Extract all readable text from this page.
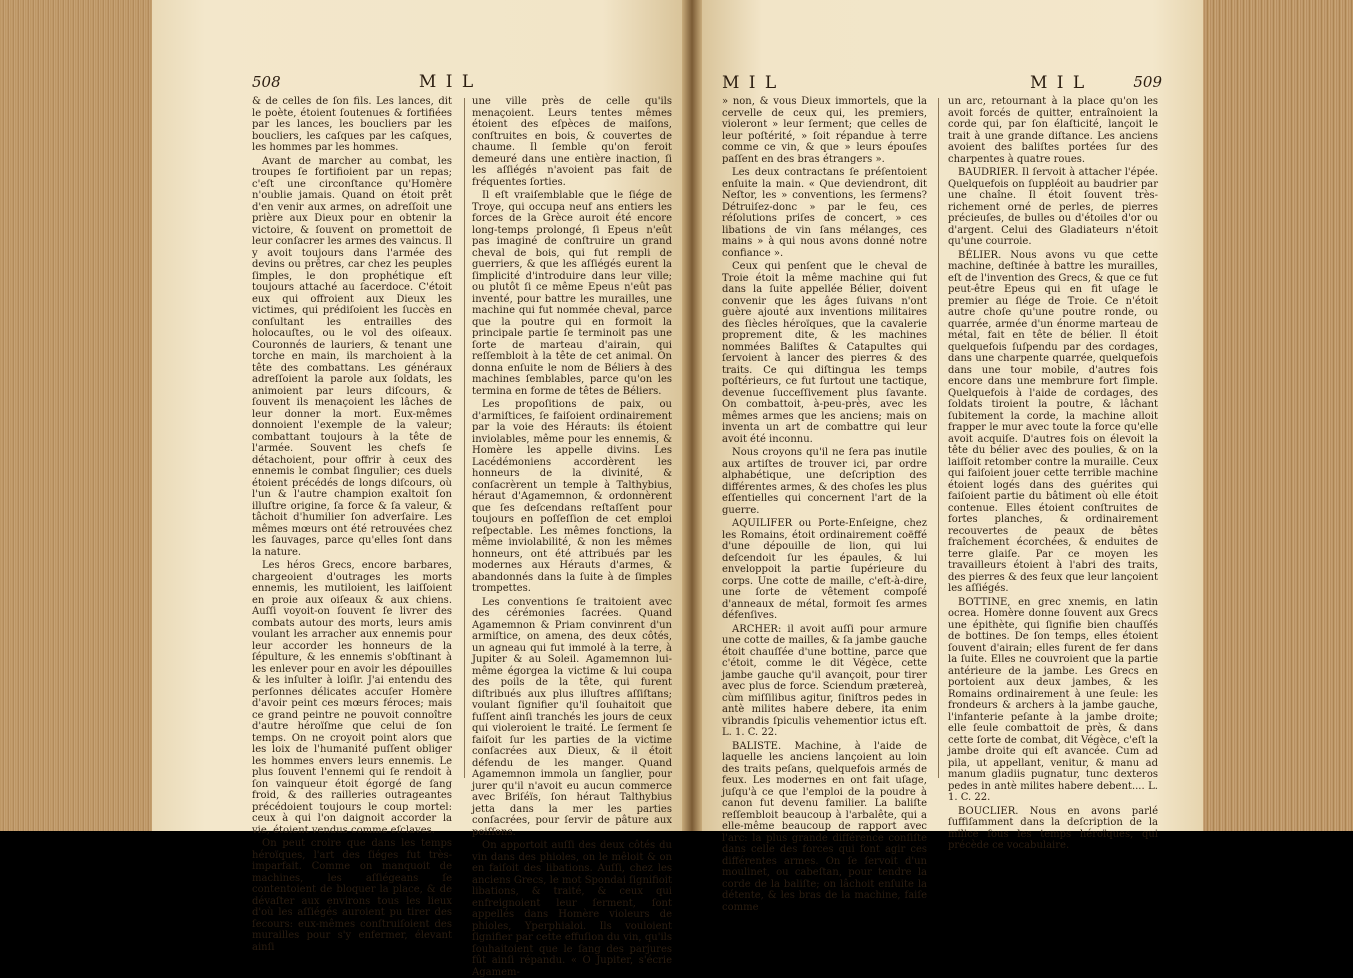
508	M I L

& de celles de ſon fils. Les lances, dit le poète, étoient ſoutenues & fortifiées par les lances, les boucliers par les boucliers, les caſques par les caſques, les hommes par les hommes.

Avant de marcher au combat, les troupes ſe fortifioient par un repas; c'eſt une circonſtance qu'Homère n'oublie jamais. Quand on étoit prêt d'en venir aux armes, on adreſſoit une prière aux Dieux pour en obtenir la victoire, & ſouvent on promettoit de leur conſacrer les armes des vaincus. Il y avoit toujours dans l'armée des devins ou prêtres, car chez les peuples ſimples, le don prophétique eſt toujours attaché au ſacerdoce. C'étoit eux qui offroient aux Dieux les victimes, qui prédiſoient les ſuccès en conſultant les entrailles des holocauſtes, ou le vol des oiſeaux. Couronnés de lauriers, & tenant une torche en main, ils marchoient à la tête des combattans. Les généraux adreſſoient la parole aux ſoldats, les animoient par leurs diſcours, & ſouvent ils menaçoient les lâches de leur donner la mort. Eux-mêmes donnoient l'exemple de la valeur; combattant toujours à la tête de l'armée. Souvent les chefs ſe détachoient, pour offrir à ceux des ennemis le combat ſingulier; ces duels étoient précédés de longs diſcours, où l'un & l'autre champion exaltoit ſon illuſtre origine, ſa force & ſa valeur, & tâchoit d'humilier ſon adverſaire. Les mêmes mœurs ont été retrouvées chez les ſauvages, parce qu'elles ſont dans la nature.

Les héros Grecs, encore barbares, chargeoient d'outrages les morts ennemis, les mutiloient, les laiſſoient en proie aux oiſeaux & aux chiens. Auſſi voyoit-on ſouvent ſe livrer des combats autour des morts, leurs amis voulant les arracher aux ennemis pour leur accorder les honneurs de la ſépulture, & les ennemis s'obſtinant à les enlever pour en avoir les dépouilles & les inſulter à loiſir. J'ai entendu des perſonnes délicates accuſer Homère d'avoir peint ces mœurs féroces; mais ce grand peintre ne pouvoit connoître d'autre héroïſme que celui de ſon temps. On ne croyoit point alors que les loix de l'humanité puſſent obliger les hommes envers leurs ennemis. Le plus ſouvent l'ennemi qui ſe rendoit à ſon vainqueur étoit égorgé de ſang froid, & des railleries outrageantes précédoient toujours le coup mortel: ceux à qui l'on daignoit accorder la vie, étoient vendus comme eſclaves.

On peut croire que dans les temps héroïques, l'art des ſiéges fut très-imparfait. Comme on manquoit de machines, les aſſiégeans ſe contentoient de bloquer la place, & de dévaſter aux environs tous les lieux d'où les aſſiégés auroient pu tirer des ſecours: eux-mêmes conſtruiſoient des murailles pour s'y enfermer, élevant ainſi

une ville près de celle qu'ils menaçoient. Leurs tentes mêmes étoient des eſpèces de maiſons, conſtruites en bois, & couvertes de chaume. Il ſemble qu'on feroit demeuré dans une entière inaction, ſi les aſſiégés n'avoient pas fait de fréquentes ſorties.

Il eſt vraiſemblable que le ſiége de Troye, qui occupa neuf ans entiers les forces de la Grèce auroit été encore long-temps prolongé, ſi Epeus n'eût pas imaginé de conſtruire un grand cheval de bois, qui fut rempli de guerriers, & que les aſſiégés eurent la ſimplicité d'introduire dans leur ville; ou plutôt ſi ce même Epeus n'eût pas inventé, pour battre les murailles, une machine qui fut nommée cheval, parce que la poutre qui en formoit la principale partie ſe terminoit pas une ſorte de marteau d'airain, qui reſſembloit à la tête de cet animal. On donna enſuite le nom de Béliers à des machines ſemblables, parce qu'on les termina en forme de têtes de Béliers.

Les propoſitions de paix, ou d'armiſtices, ſe faiſoient ordinairement par la voie des Hérauts: ils étoient inviolables, même pour les ennemis, & Homère les appelle divins. Les Lacédémoniens accordèrent les honneurs de la divinité, & conſacrèrent un temple à Talthybius, héraut d'Agamemnon, & ordonnèrent que ſes deſcendans reſtaſſent pour toujours en poſſeſſion de cet emploi reſpectable. Les mêmes fonctions, la même inviolabilité, & non les mêmes honneurs, ont été attribués par les modernes aux Hérauts d'armes, & abandonnés dans la ſuite à de ſimples trompettes.

Les conventions ſe traitoient avec des cérémonies ſacrées. Quand Agamemnon & Priam convinrent d'un armiſtice, on amena, des deux côtés, un agneau qui fut immolé à la terre, à Jupiter & au Soleil. Agamemnon lui-même égorgea la victime & lui coupa des poils de la tête, qui furent diſtribués aux plus illuſtres aſſiſtans; voulant ſignifier qu'il ſouhaitoit que fuſſent ainſi tranchés les jours de ceux qui violeroient le traité. Le ſerment ſe faiſoit ſur les parties de la victime conſacrées aux Dieux, & il étoit défendu de les manger. Quand Agamemnon immola un ſanglier, pour jurer qu'il n'avoit eu aucun commerce avec Briſéïs, ſon héraut Talthybius jetta dans la mer les parties conſacrées, pour ſervir de pâture aux poiſſons.

On apportoit auſſi des deux côtés du vin dans des phioles, on le mêloit & on en faiſoit des libations. Auſſi, chez les anciens Grecs, le mot Spondai ſignifioit libations, & traité, & ceux qui enfreignoient leur ſerment, ſont appellés dans Homère violeurs de phioles, Yperphialoi. Ils vouloient ſignifier par cette effuſion du vin, qu'ils ſouhaitoient que le ſang des parjures fût ainſi répandu. « O Jupiter, s'écrie Agamem-

M I L	M I L	509

» non, & vous Dieux immortels, que la cervelle de ceux qui, les premiers, violeront » leur ſerment; que celles de leur poſtérité, » ſoit répandue à terre comme ce vin, & que » leurs épouſes paſſent en des bras étrangers ».

Les deux contractans ſe préſentoient enſuite la main. « Que deviendront, dit Neſtor, les » conventions, les ſermens? Détruiſez-donc » par le feu, ces réſolutions priſes de concert, » ces libations de vin ſans mélanges, ces mains » à qui nous avons donné notre confiance ».

Ceux qui penſent que le cheval de Troie étoit la même machine qui fut dans la ſuite appellée Bélier, doivent convenir que les âges ſuivans n'ont guère ajouté aux inventions militaires des ſiècles héroïques, que la cavalerie proprement dite, & les machines nommées Baliſtes & Catapultes qui ſervoient à lancer des pierres & des traits. Ce qui diſtingua les temps poſtérieurs, ce fut ſurtout une tactique, devenue ſucceſſivement plus ſavante. On combattoit, à-peu-près, avec les mêmes armes que les anciens; mais on inventa un art de combattre qui leur avoit été inconnu.

Nous croyons qu'il ne ſera pas inutile aux artiſtes de trouver ici, par ordre alphabétique, une deſcription des différentes armes, & des choſes les plus eſſentielles qui concernent l'art de la guerre.

AQUILIFER ou Porte-Enſeigne, chez les Romains, étoit ordinairement coëffé d'une dépouille de lion, qui lui deſcendoit ſur les épaules, & lui enveloppoit la partie ſupérieure du corps. Une cotte de maille, c'eſt-à-dire, une ſorte de vêtement compoſé d'anneaux de métal, formoit ſes armes défenſives.

ARCHER: il avoit auſſi pour armure une cotte de mailles, & ſa jambe gauche étoit chauſſée d'une bottine, parce que c'étoit, comme le dit Végèce, cette jambe gauche qu'il avançoit, pour tirer avec plus de force. Sciendum prætereà, cùm miſſilibus agitur, ſiniſtros pedes in antè milites habere debere, ita enim vibrandis ſpiculis vehementior ictus eſt. L. 1. C. 22.

BALISTE. Machine, à l'aide de laquelle les anciens lançoient au loin des traits peſans, quelquefois armés de feux. Les modernes en ont fait uſage, juſqu'à ce que l'emploi de la poudre à canon fut devenu familier. La baliſte reſſembloit beaucoup à l'arbalête, qui a elle-même beaucoup de rapport avec l'arc: la plus grande différence conſiſte dans celle des forces qui font agir ces différentes armes. On ſe ſervoit d'un moulinet, ou cabeſtan, pour tendre la corde de la baliſte; on lâchoit enſuite la détente, & les bras de la machine, faiſe comme

un arc, retournant à la place qu'on les avoit forcés de quitter, entraînoient la corde qui, par ſon élaſticité, lançoit le trait à une grande diſtance. Les anciens avoient des baliſtes portées ſur des charpentes à quatre roues.

BAUDRIER. Il ſervoit à attacher l'épée. Quelquefois on ſuppléoit au baudrier par une chaîne. Il étoit ſouvent très-richement orné de perles, de pierres précieuſes, de bulles ou d'étoiles d'or ou d'argent. Celui des Gladiateurs n'étoit qu'une courroie.

BÉLIER. Nous avons vu que cette machine, deſtinée à battre les murailles, eſt de l'invention des Grecs, & que ce fut peut-être Epeus qui en fit uſage le premier au ſiége de Troie. Ce n'étoit autre choſe qu'une poutre ronde, ou quarrée, armée d'un énorme marteau de métal, fait en tête de bélier. Il étoit quelquefois ſuſpendu par des cordages, dans une charpente quarrée, quelquefois dans une tour mobile, d'autres fois encore dans une membrure fort ſimple. Quelquefois à l'aide de cordages, des ſoldats tiroient la poutre, & lâchant ſubitement la corde, la machine alloit frapper le mur avec toute la force qu'elle avoit acquiſe. D'autres fois on élevoit la tête du bélier avec des poulies, & on la laiſſoit retomber contre la muraille. Ceux qui faiſoient jouer cette terrible machine étoient logés dans des guérites qui faiſoient partie du bâtiment où elle étoit contenue. Elles étoient conſtruites de fortes planches, & ordinairement recouvertes de peaux de bêtes fraîchement écorchées, & enduites de terre glaiſe. Par ce moyen les travailleurs étoient à l'abri des traits, des pierres & des feux que leur lançoient les aſſiégés.

BOTTINE, en grec xnemis, en latin ocrea. Homère donne ſouvent aux Grecs une épithète, qui ſignifie bien chauſſés de bottines. De ſon temps, elles étoient ſouvent d'airain; elles furent de fer dans la ſuite. Elles ne couvroient que la partie antérieure de la jambe. Les Grecs en portoient aux deux jambes, & les Romains ordinairement à une ſeule: les frondeurs & archers à la jambe gauche, l'infanterie peſante à la jambe droite; elle ſeule combattoit de près, & dans cette ſorte de combat, dit Végèce, c'eſt la jambe droite qui eſt avancée. Cum ad pila, ut appellant, venitur, & manu ad manum gladiis pugnatur, tunc dexteros pedes in antè milites habere debent.... L. 1. C. 22.

BOUCLIER. Nous en avons parlé ſuffiſamment dans la deſcription de la milice ſous les temps héroïques, qui précède ce vocabulaire.
